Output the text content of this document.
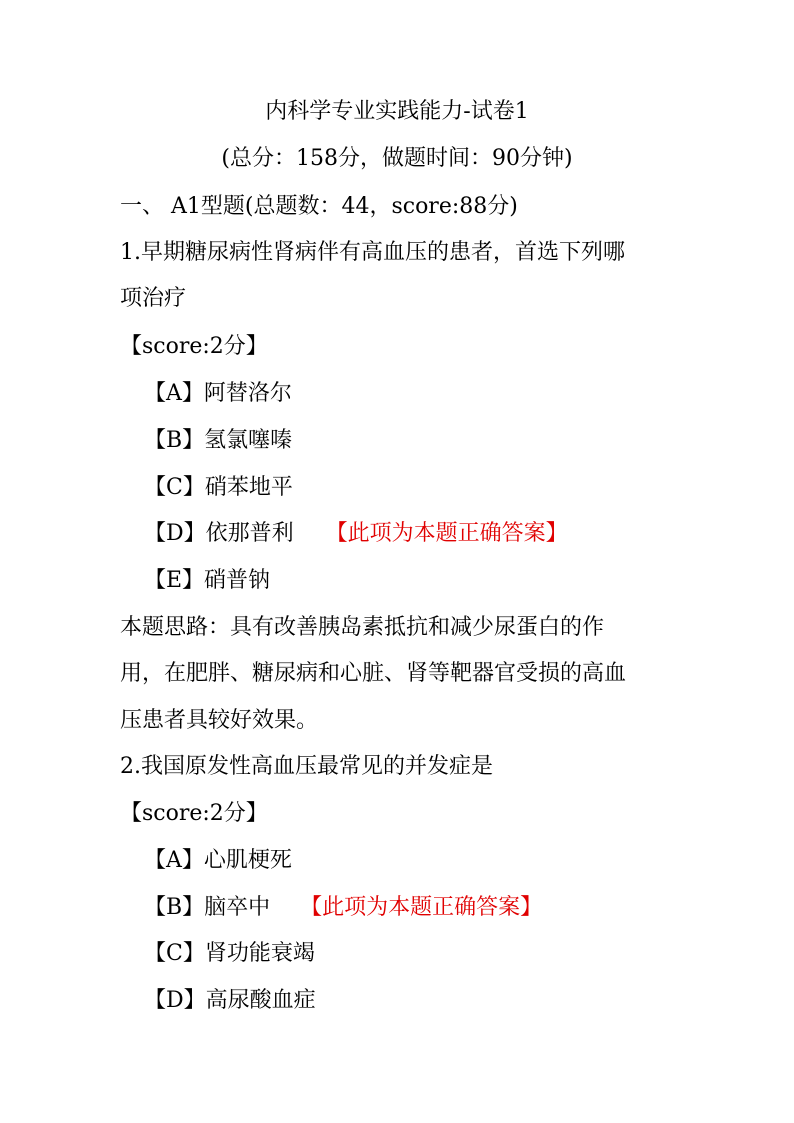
内科学专业实践能力-试卷1
(总分：158分，做题时间：90分钟)
一、 A1型题(总题数：44，score:88分)
1.早期糖尿病性肾病伴有高血压的患者，首选下列哪
项治疗
【score:2分】
【A】阿替洛尔
【B】氢氯噻嗪
【C】硝苯地平
【D】依那普利 【此项为本题正确答案】
【E】硝普钠
本题思路：具有改善胰岛素抵抗和减少尿蛋白的作
用，在肥胖、糖尿病和心脏、肾等靶器官受损的高血
压患者具较好效果。
2.我国原发性高血压最常见的并发症是
【score:2分】
【A】心肌梗死
【B】脑卒中 【此项为本题正确答案】
【C】肾功能衰竭
【D】高尿酸血症
